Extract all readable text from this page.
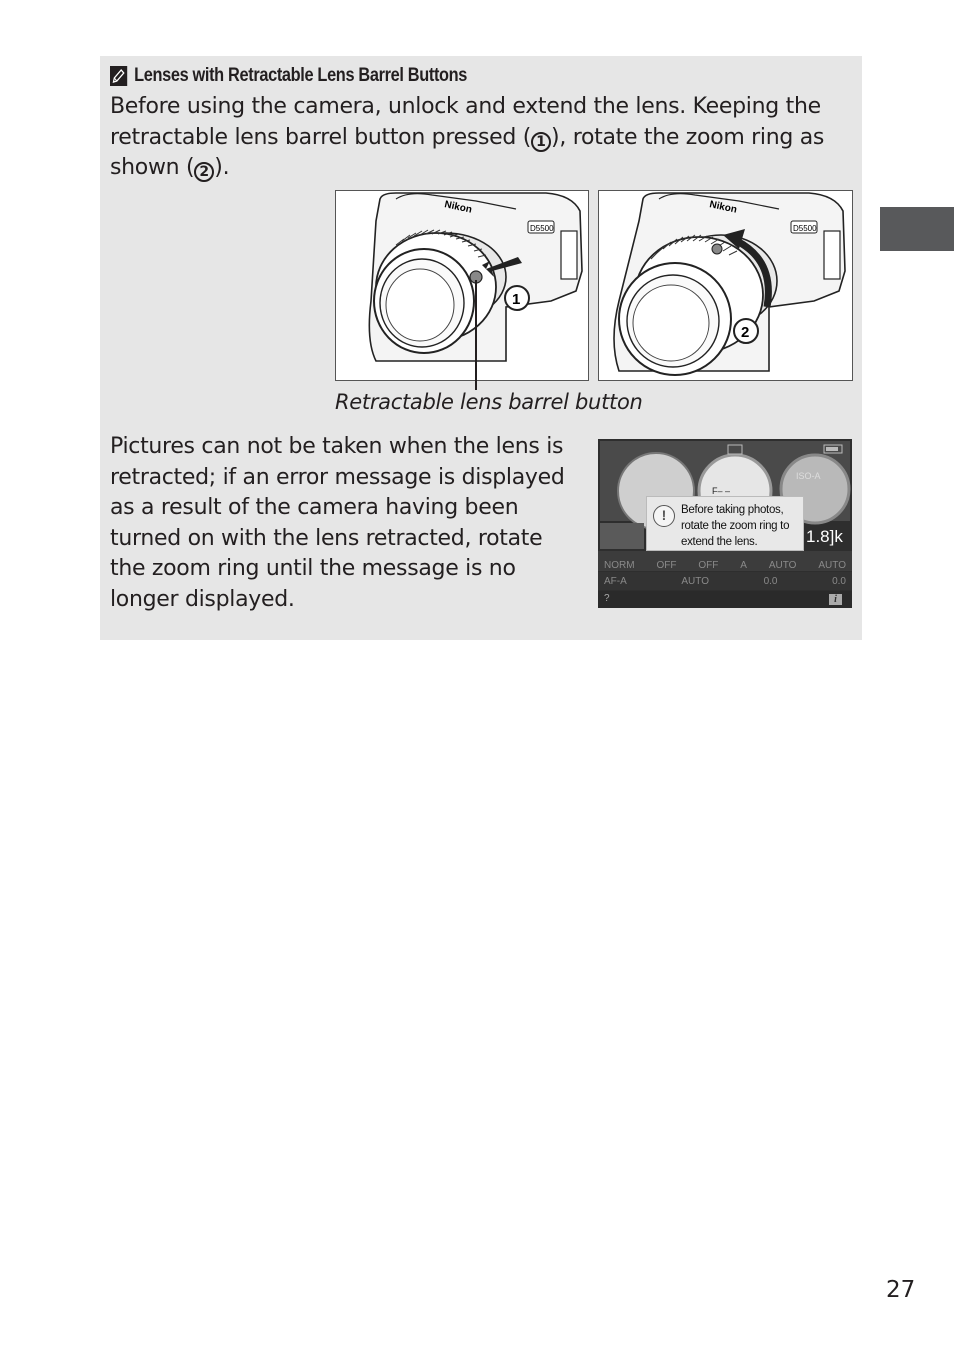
Lenses with Retractable Lens Barrel Buttons
Before using the camera, unlock and extend the lens. Keeping the retractable lens barrel button pressed ( 1 ), rotate the zoom ring as shown ( 2 ).
Nikon
D5500
1
Nikon
D5500
2
Retractable lens barrel button
Pictures can not be taken when the lens is retracted; if an error message is displayed as a result of the camera having been turned on with the lens retracted, rotate the zoom ring until the message is no longer displayed.
ISO-A
F– –
!	Before taking photos, rotate the zoom ring to extend the lens.	1.8]k
NORM OFF OFF A AUTO AUTO
AF-A	AUTO	0.0	0.0
?	i
27
